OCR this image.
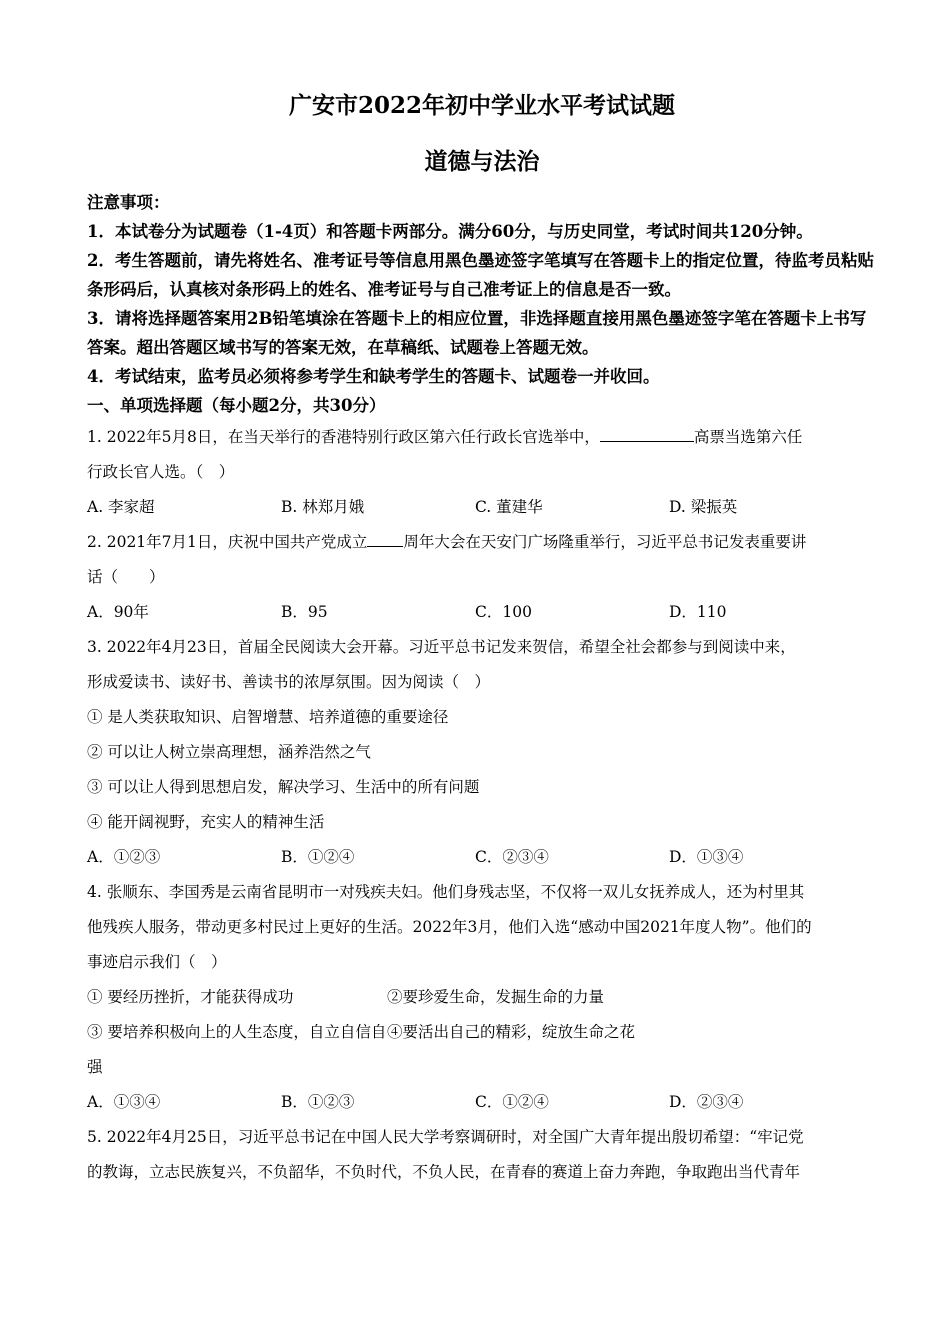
广安市2022年初中学业水平考试试题
道德与法治

注意事项：

1．本试卷分为试题卷（1-4页）和答题卡两部分。满分60分，与历史同堂，考试时间共120分钟。

2．考生答题前，请先将姓名、准考证号等信息用黑色墨迹签字笔填写在答题卡上的指定位置，待监考员粘贴条形码后，认真核对条形码上的姓名、准考证号与自己准考证上的信息是否一致。

3．请将选择题答案用2B铅笔填涂在答题卡上的相应位置，非选择题直接用黑色墨迹签字笔在答题卡上书写答案。超出答题区域书写的答案无效，在草稿纸、试题卷上答题无效。

4．考试结束，监考员必须将参考学生和缺考学生的答题卡、试题卷一并收回。

一、单项选择题（每小题2分，共30分）

1. 2022年5月8日，在当天举行的香港特别行政区第六任行政长官选举中，	高票当选第六任

行政长官人选。（　）

A. 李家超	B. 林郑月娥	C. 董建华	D. 梁振英

2. 2021年7月1日，庆祝中国共产党成立 周年大会在天安门广场隆重举行，习近平总书记发表重要讲

话（　　）

A．90年	B．95	C．100	D．110

3. 2022年4月23日，首届全民阅读大会开幕。习近平总书记发来贺信，希望全社会都参与到阅读中来，

形成爱读书、读好书、善读书的浓厚氛围。因为阅读（　）

① 是人类获取知识、启智增慧、培养道德的重要途径

② 可以让人树立崇高理想，涵养浩然之气

③ 可以让人得到思想启发，解决学习、生活中的所有问题

④ 能开阔视野，充实人的精神生活

A．①②③	B．①②④	C．②③④	D．①③④

4. 张顺东、李国秀是云南省昆明市一对残疾夫妇。他们身残志坚，不仅将一双儿女抚养成人，还为村里其

他残疾人服务，带动更多村民过上更好的生活。2022年3月，他们入选“感动中国2021年度人物”。他们的

事迹启示我们（　）

① 要经历挫折，才能获得成功	②要珍爱生命，发掘生命的力量
③ 要培养积极向上的人生态度，自立自信自强
④要活出自己的精彩，绽放生命之花
A．①③④	B．①②③	C．①②④	D．②③④

5. 2022年4月25日，习近平总书记在中国人民大学考察调研时，对全国广大青年提出殷切希望：“牢记党

的教诲，立志民族复兴，不负韶华，不负时代，不负人民，在青春的赛道上奋力奔跑，争取跑出当代青年
